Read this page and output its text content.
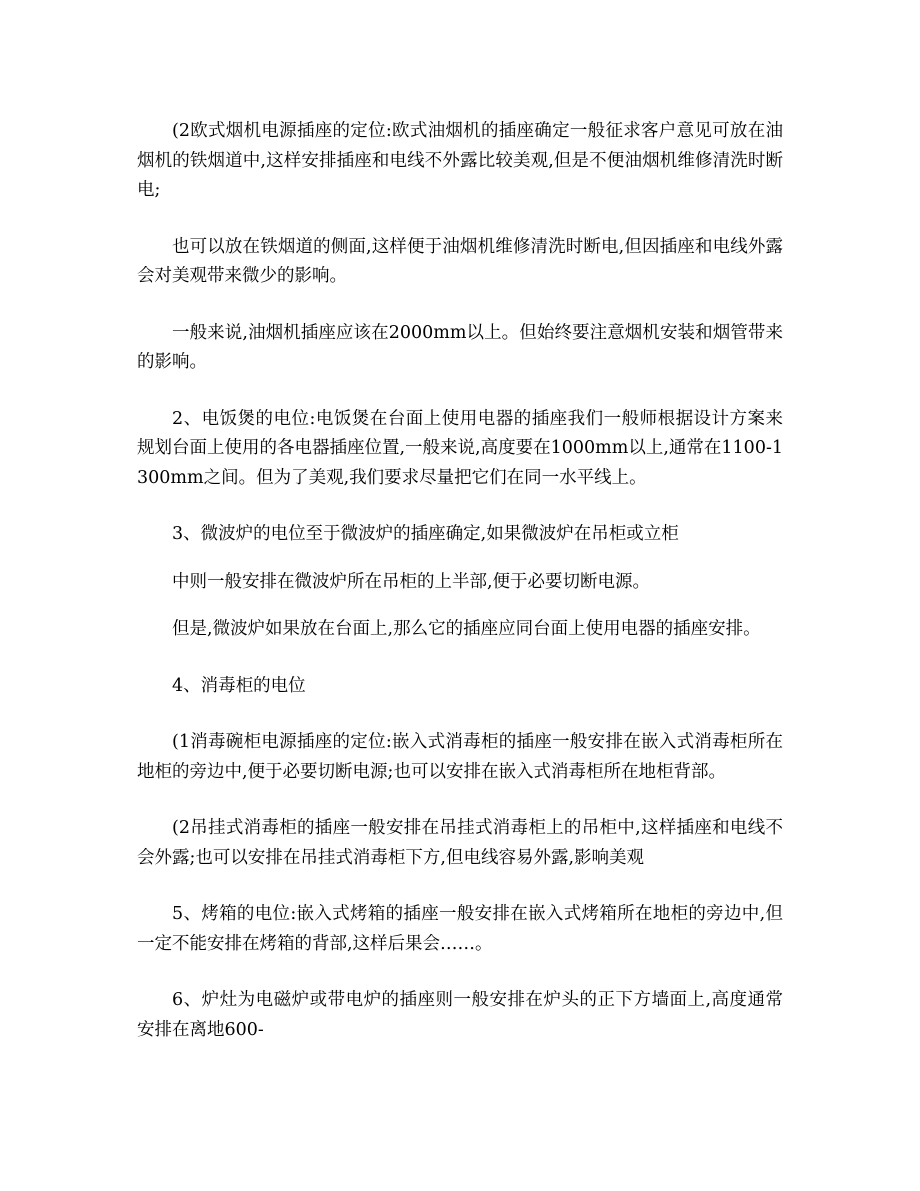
(2欧式烟机电源插座的定位:欧式油烟机的插座确定一般征求客户意见可放在油烟机的铁烟道中,这样安排插座和电线不外露比较美观,但是不便油烟机维修清洗时断电;

也可以放在铁烟道的侧面,这样便于油烟机维修清洗时断电,但因插座和电线外露会对美观带来微少的影响。

一般来说,油烟机插座应该在2000mm以上。但始终要注意烟机安装和烟管带来的影响。

2、电饭煲的电位:电饭煲在台面上使用电器的插座我们一般师根据设计方案来规划台面上使用的各电器插座位置,一般来说,高度要在1000mm以上,通常在1100-1300mm之间。但为了美观,我们要求尽量把它们在同一水平线上。

3、微波炉的电位至于微波炉的插座确定,如果微波炉在吊柜或立柜

中则一般安排在微波炉所在吊柜的上半部,便于必要切断电源。

但是,微波炉如果放在台面上,那么它的插座应同台面上使用电器的插座安排。

4、消毒柜的电位

(1消毒碗柜电源插座的定位:嵌入式消毒柜的插座一般安排在嵌入式消毒柜所在地柜的旁边中,便于必要切断电源;也可以安排在嵌入式消毒柜所在地柜背部。

(2吊挂式消毒柜的插座一般安排在吊挂式消毒柜上的吊柜中,这样插座和电线不会外露;也可以安排在吊挂式消毒柜下方,但电线容易外露,影响美观

5、烤箱的电位:嵌入式烤箱的插座一般安排在嵌入式烤箱所在地柜的旁边中,但一定不能安排在烤箱的背部,这样后果会……。

6、炉灶为电磁炉或带电炉的插座则一般安排在炉头的正下方墙面上,高度通常安排在离地600-
